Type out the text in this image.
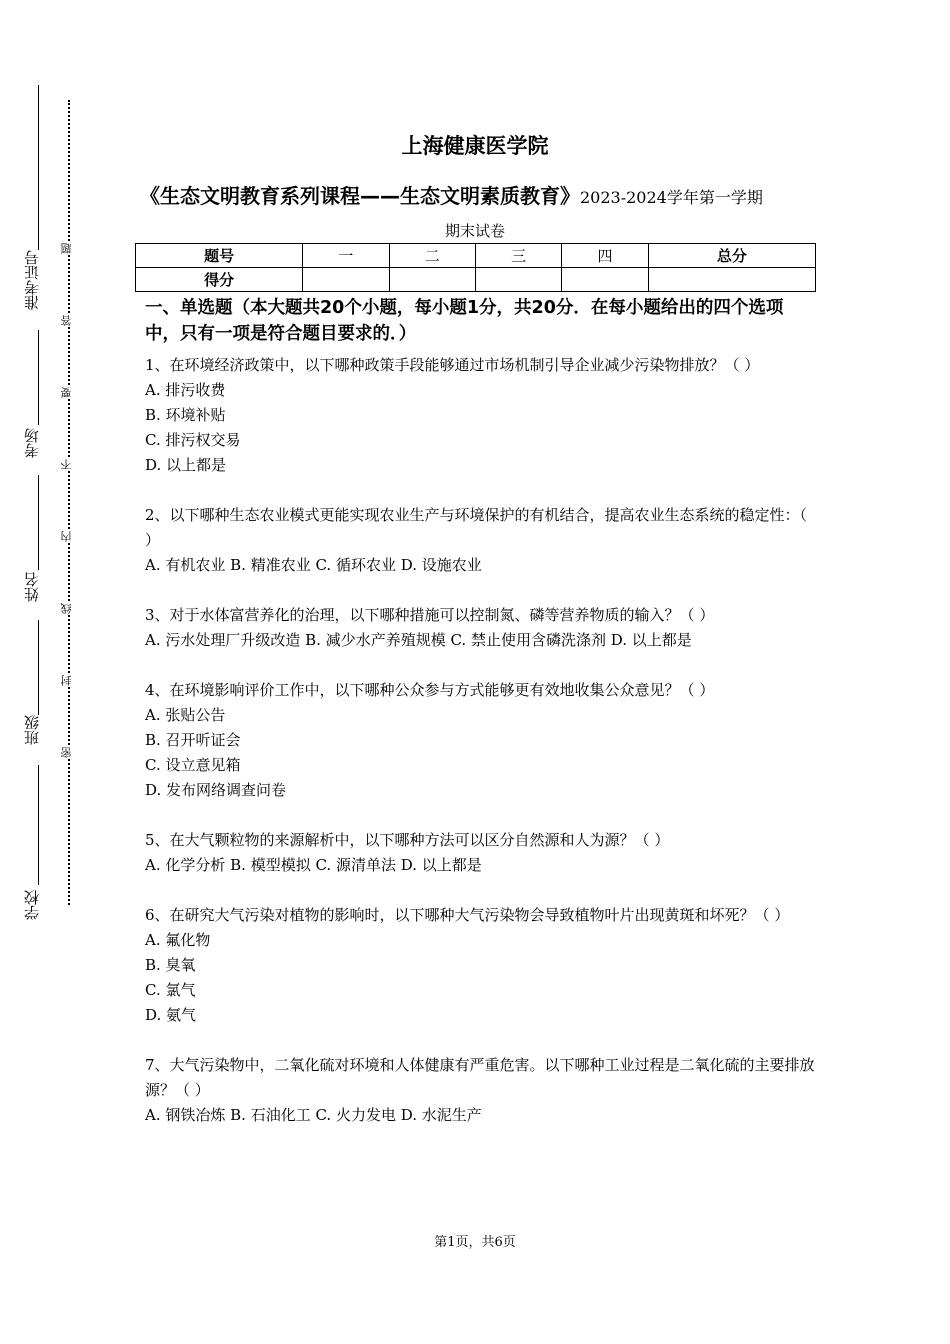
准考证号
考场
姓名
班级
学校
题
答
要
不
内
线
封
密
上海健康医学院
《生态文明教育系列课程——生态文明素质教育》2023-2024学年第一学期
期末试卷
题号	一	二	三	四	总分
得分					
一、单选题（本大题共20个小题，每小题1分，共20分．在每小题给出的四个选项中，只有一项是符合题目要求的．）
1、在环境经济政策中，以下哪种政策手段能够通过市场机制引导企业减少污染物排放？（ ）
A. 排污收费
B. 环境补贴
C. 排污权交易
D. 以上都是
2、以下哪种生态农业模式更能实现农业生产与环境保护的有机结合，提高农业生态系统的稳定性：（ ）
A. 有机农业 B. 精准农业 C. 循环农业 D. 设施农业
3、对于水体富营养化的治理，以下哪种措施可以控制氮、磷等营养物质的输入？（ ）
A. 污水处理厂升级改造 B. 减少水产养殖规模 C. 禁止使用含磷洗涤剂 D. 以上都是
4、在环境影响评价工作中，以下哪种公众参与方式能够更有效地收集公众意见？（ ）
A. 张贴公告
B. 召开听证会
C. 设立意见箱
D. 发布网络调查问卷
5、在大气颗粒物的来源解析中，以下哪种方法可以区分自然源和人为源？（ ）
A. 化学分析 B. 模型模拟 C. 源清单法 D. 以上都是
6、在研究大气污染对植物的影响时，以下哪种大气污染物会导致植物叶片出现黄斑和坏死？（ ）
A. 氟化物
B. 臭氧
C. 氯气
D. 氨气
7、大气污染物中，二氧化硫对环境和人体健康有严重危害。以下哪种工业过程是二氧化硫的主要排放源？（ ）
A. 钢铁冶炼 B. 石油化工 C. 火力发电 D. 水泥生产
第1页，共6页
